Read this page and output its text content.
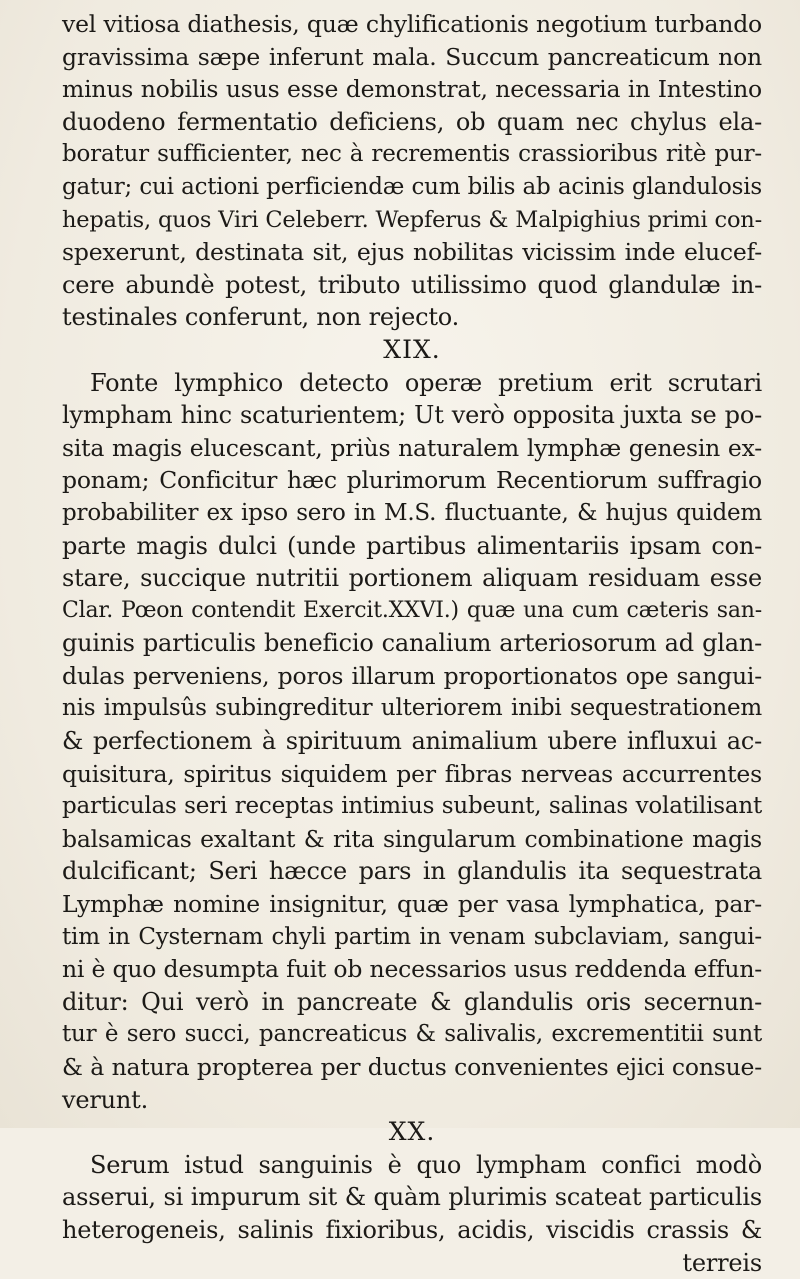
vel vitiosa diathesis, quæ chylificationis negotium turbando
gravissima sæpe inferunt mala. Succum pancreaticum non
minus nobilis usus esse demonstrat, necessaria in Intestino
duodeno fermentatio deficiens, ob quam nec chylus ela-
boratur sufficienter, nec à recrementis crassioribus ritè pur-
gatur; cui actioni perficiendæ cum bilis ab acinis glandulosis
hepatis, quos Viri Celeberr. Wepferus & Malpighius primi con-
spexerunt, destinata sit, ejus nobilitas vicissim inde elucef-
cere abundè potest, tributo utilissimo quod glandulæ in-
testinales conferunt, non rejecto.
XIX.
Fonte lymphico detecto operæ pretium erit scrutari
lympham hinc scaturientem; Ut verò opposita juxta se po-
sita magis elucescant, priùs naturalem lymphæ genesin ex-
ponam; Conficitur hæc plurimorum Recentiorum suffragio
probabiliter ex ipso sero in M.S. fluctuante, & hujus quidem
parte magis dulci (unde partibus alimentariis ipsam con-
stare, succique nutritii portionem aliquam residuam esse
Clar. Pœon contendit Exercit.XXVI.) quæ una cum cæteris san-
guinis particulis beneficio canalium arteriosorum ad glan-
dulas perveniens, poros illarum proportionatos ope sangui-
nis impulsûs subingreditur ulteriorem inibi sequestrationem
& perfectionem à spirituum animalium ubere influxui ac-
quisitura, spiritus siquidem per fibras nerveas accurrentes
particulas seri receptas intimius subeunt, salinas volatilisant
balsamicas exaltant & rita singularum combinatione magis
dulcificant; Seri hæcce pars in glandulis ita sequestrata
Lymphæ nomine insignitur, quæ per vasa lymphatica, par-
tim in Cysternam chyli partim in venam subclaviam, sangui-
ni è quo desumpta fuit ob necessarios usus reddenda effun-
ditur: Qui verò in pancreate & glandulis oris secernun-
tur è sero succi, pancreaticus & salivalis, excrementitii sunt
& à natura propterea per ductus convenientes ejici consue-
verunt.
XX.
Serum istud sanguinis è quo lympham confici modò
asserui, si impurum sit & quàm plurimis scateat particulis
heterogeneis, salinis fixioribus, acidis, viscidis crassis &
terreis
